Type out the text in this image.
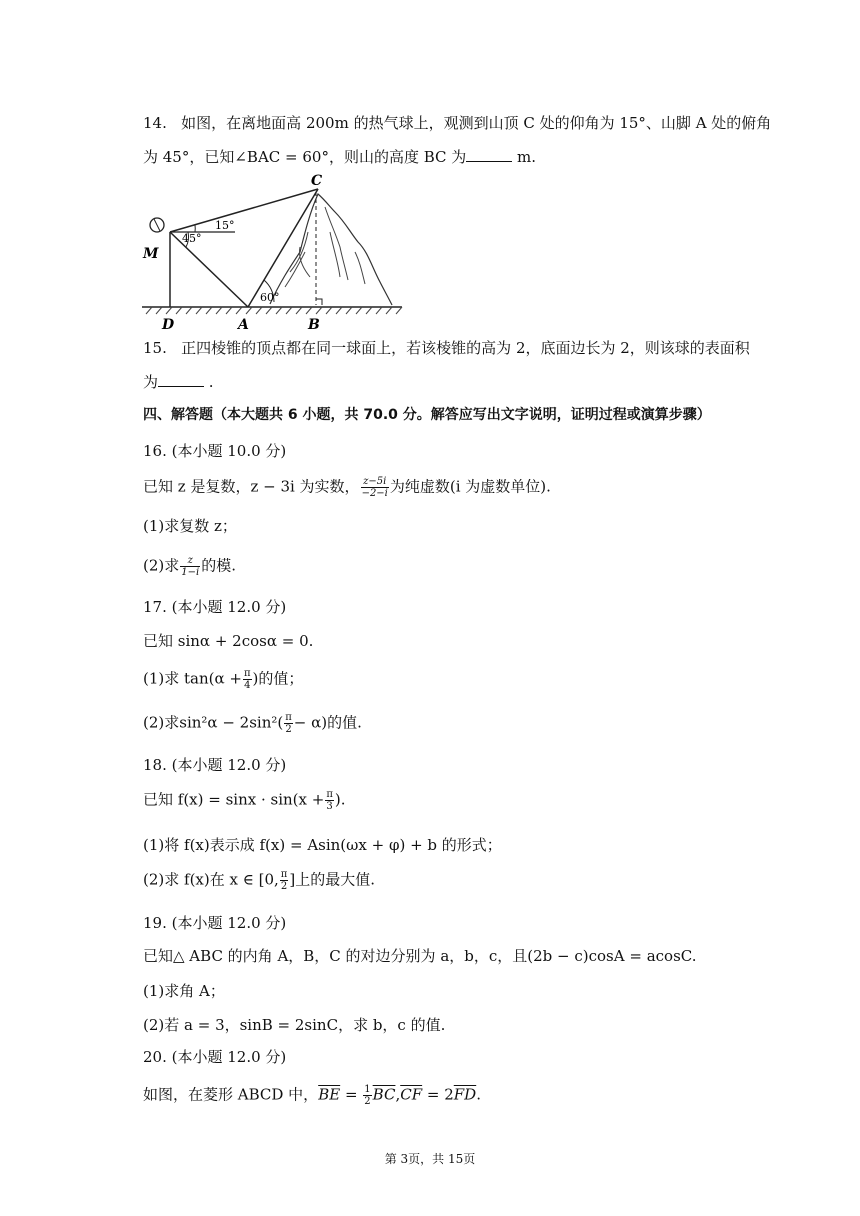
14. 如图，在离地面高 200m 的热气球上，观测到山顶 C 处的仰角为 15°、山脚 A 处的俯角
为 45°，已知∠BAC = 60°，则山的高度 BC 为	m.
C
M
D	A	B
15°
45°
60°
15. 正四棱锥的顶点都在同一球面上，若该棱锥的高为 2，底面边长为 2，则该球的表面积
为	.
四、解答题（本大题共 6 小题，共 70.0 分。解答应写出文字说明，证明过程或演算步骤）
16. (本小题 10.0 分)
已知 z 是复数，z − 3i 为实数， $\frac{z-5i}{-2-i}$ 为纯虚数(i 为虚数单位).
(1)求复数 z；
(2)求 $\frac{z}{1-i}$ 的模.
17. (本小题 12.0 分)
已知 sinα + 2cosα = 0.
(1)求 $\tan(\alpha + \frac{\pi}{4}$ )的值；
(2)求$\sin^2\alpha - 2\sin^2( \frac{\pi}{2} - \alpha)$的值.
18. (本小题 12.0 分)
已知 $f(x) = \sin x \cdot \sin(x + \frac{\pi}{3}$ ).
(1)将 f(x)表示成 f(x) = Asin(ωx + φ) + b 的形式；
(2)求 f(x)在 x ∈ [0, $\frac{\pi}{2}$ ]上的最大值.
19. (本小题 12.0 分)
已知△ ABC 的内角 A，B，C 的对边分别为 a，b，c，且(2b − c)cosA = acosC.
(1)求角 A；
(2)若 a = 3，sinB = 2sinC，求 b，c 的值.
20. (本小题 12.0 分)
如图，在菱形 ABCD 中，$\overline{BE} = \frac{1}{2} \overline{BC},\overline{CF} = 2\overline{FD}$.
第 3页，共 15页
